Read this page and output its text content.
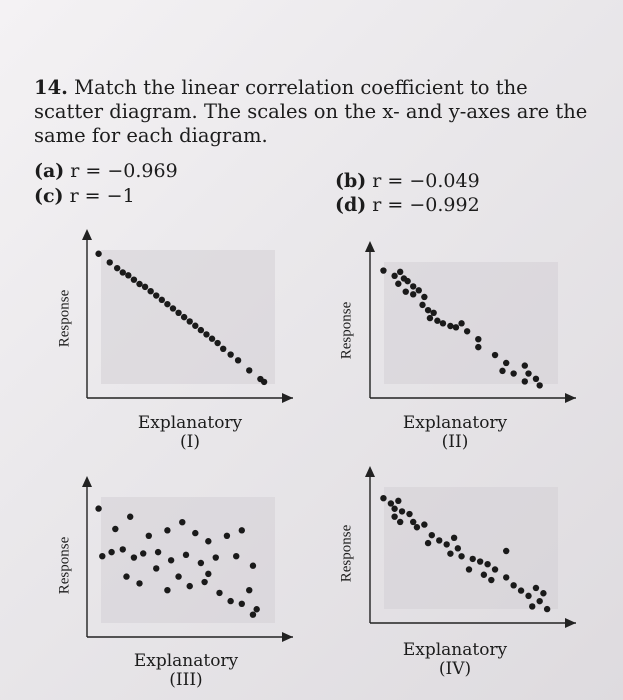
14. Match the linear correlation coefficient to the scatter diagram. The scales on the x- and y-axes are the same for each diagram.
(a) r = −0.969	(b) r = −0.049
(c) r = −1	(d) r = −0.992
Response	Response
Response	Response
Explanatory
(I)
Explanatory
(II)
Explanatory
(III)
Explanatory
(IV)
